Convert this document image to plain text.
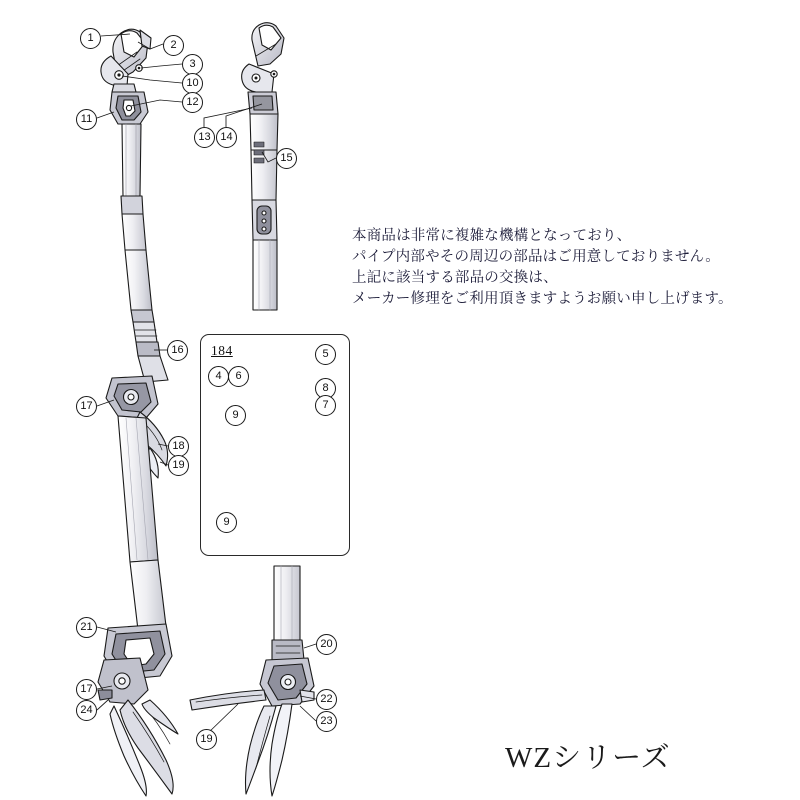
184
本商品は非常に複雑な機構となっており、
パイプ内部やその周辺の部品はご用意しておりません。
上記に該当する部品の交換は、
メーカー修理をご利用頂きますようお願い申し上げます。
WZシリーズ
1
2
3
10
12
11
13 14
15
16
17
18
19
21
20
17
22
24
23
19
5
4	6
8
7
9
9
